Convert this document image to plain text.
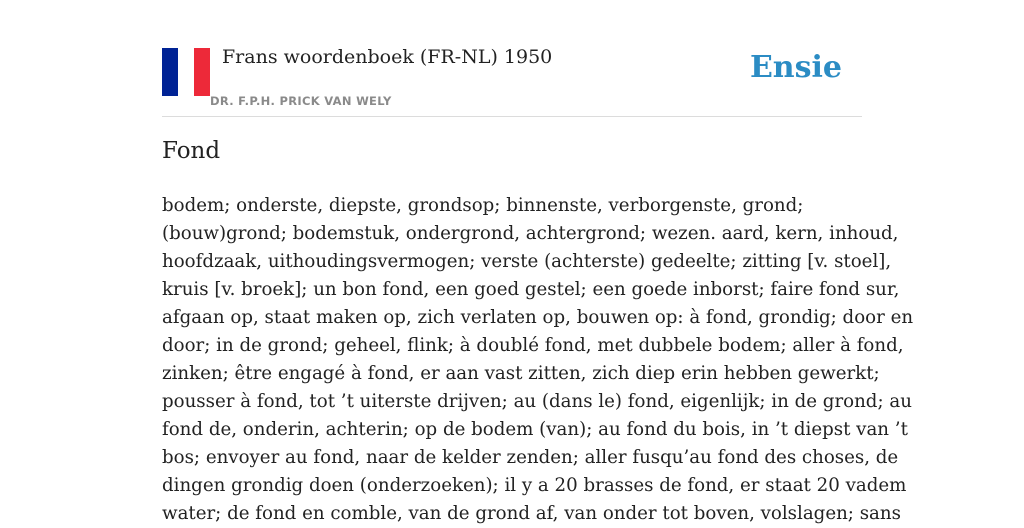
Frans woordenboek (FR-NL) 1950
DR. F.P.H. PRICK VAN WELY
Ensie
Fond
bodem; onderste, diepste, grondsop; binnenste, verborgenste, grond;
(bouw)grond; bodemstuk, ondergrond, achtergrond; wezen. aard, kern, inhoud,
hoofdzaak, uithoudingsvermogen; verste (achterste) gedeelte; zitting [v. stoel],
kruis [v. broek]; un bon fond, een goed gestel; een goede inborst; faire fond sur,
afgaan op, staat maken op, zich verlaten op, bouwen op: à fond, grondig; door en
door; in de grond; geheel, flink; à doublé fond, met dubbele bodem; aller à fond,
zinken; être engagé à fond, er aan vast zitten, zich diep erin hebben gewerkt;
pousser à fond, tot ’t uiterste drijven; au (dans le) fond, eigenlijk; in de grond; au
fond de, onderin, achterin; op de bodem (van); au fond du bois, in ’t diepst van ’t
bos; envoyer au fond, naar de kelder zenden; aller fusqu’au fond des choses, de
dingen grondig doen (onderzoeken); il y a 20 brasses de fond, er staat 20 vadem
water; de fond en comble, van de grond af, van onder tot boven, volslagen; sans
